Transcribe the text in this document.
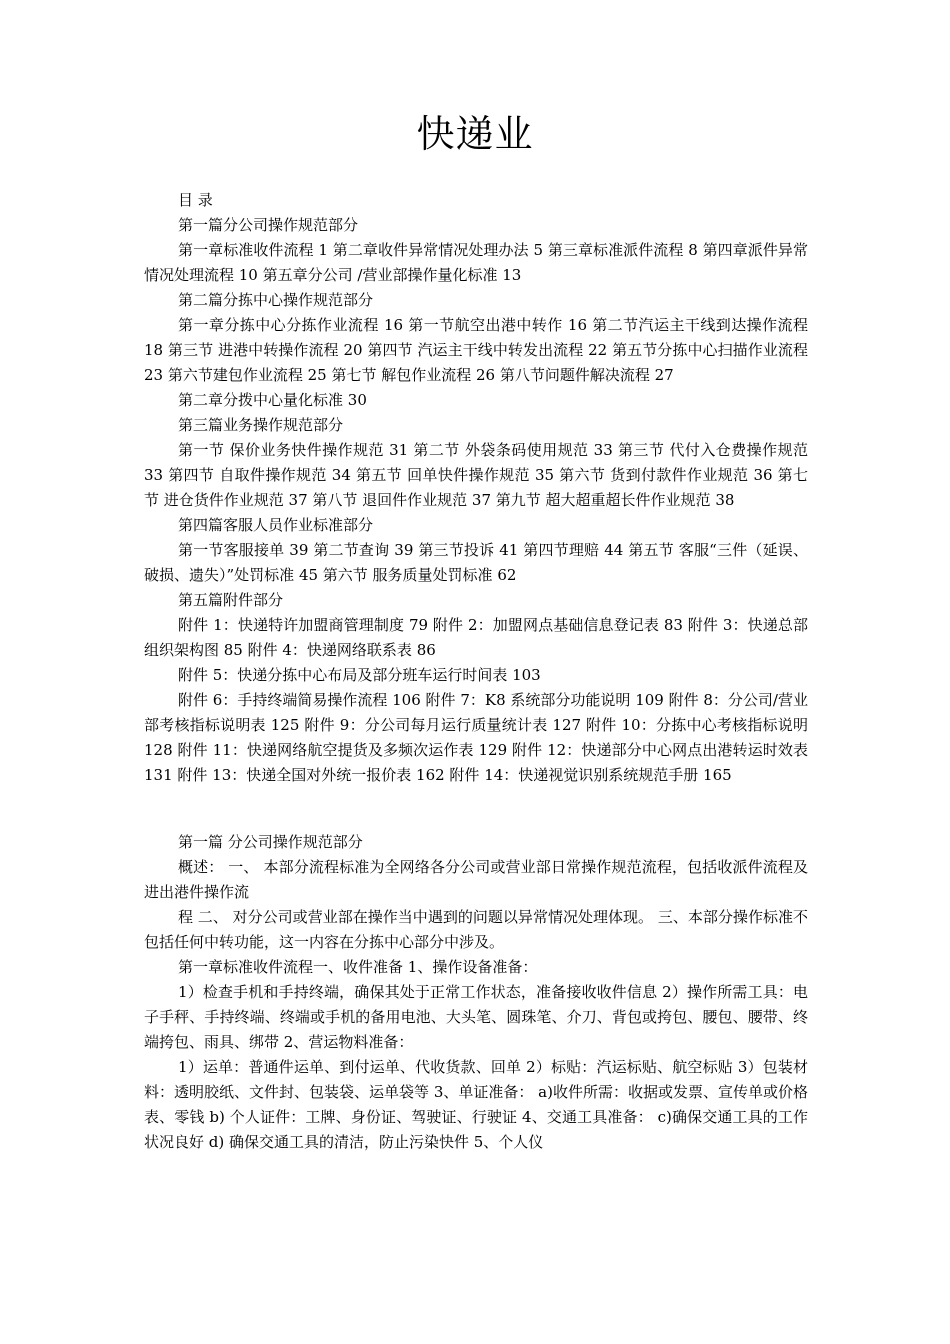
快递业

目 录

第一篇分公司操作规范部分

第一章标准收件流程 1 第二章收件异常情况处理办法 5 第三章标准派件流程 8 第四章派件异常情况处理流程 10 第五章分公司 /营业部操作量化标准 13

第二篇分拣中心操作规范部分

第一章分拣中心分拣作业流程 16 第一节航空出港中转作 16 第二节汽运主干线到达操作流程 18 第三节 进港中转操作流程 20 第四节 汽运主干线中转发出流程 22 第五节分拣中心扫描作业流程 23 第六节建包作业流程 25 第七节 解包作业流程 26 第八节问题件解决流程 27

第二章分拨中心量化标准 30

第三篇业务操作规范部分

第一节 保价业务快件操作规范 31 第二节 外袋条码使用规范 33 第三节 代付入仓费操作规范 33 第四节 自取件操作规范 34 第五节 回单快件操作规范 35 第六节 货到付款件作业规范 36 第七节 进仓货件作业规范 37 第八节 退回件作业规范 37 第九节 超大超重超长件作业规范 38

第四篇客服人员作业标准部分

第一节客服接单 39 第二节查询 39 第三节投诉 41 第四节理赔 44 第五节 客服“三件（延误、破损、遗失）”处罚标准 45 第六节 服务质量处罚标准 62

第五篇附件部分

附件 1：快递特许加盟商管理制度 79 附件 2：加盟网点基础信息登记表 83 附件 3：快递总部组织架构图 85 附件 4：快递网络联系表 86

附件 5：快递分拣中心布局及部分班车运行时间表 103

附件 6：手持终端简易操作流程 106 附件 7：K8 系统部分功能说明 109 附件 8：分公司/营业部考核指标说明表 125 附件 9：分公司每月运行质量统计表 127 附件 10：分拣中心考核指标说明 128 附件 11：快递网络航空提货及多频次运作表 129 附件 12：快递部分中心网点出港转运时效表 131 附件 13：快递全国对外统一报价表 162 附件 14：快递视觉识别系统规范手册 165

第一篇 分公司操作规范部分

概述： 一、 本部分流程标准为全网络各分公司或营业部日常操作规范流程，包括收派件流程及进出港件操作流

程 二、 对分公司或营业部在操作当中遇到的问题以异常情况处理体现。 三、本部分操作标准不包括任何中转功能，这一内容在分拣中心部分中涉及。

第一章标准收件流程一、收件准备 1、操作设备准备：

1）检查手机和手持终端，确保其处于正常工作状态，准备接收收件信息 2）操作所需工具：电子手秤、手持终端、终端或手机的备用电池、大头笔、圆珠笔、介刀、背包或挎包、腰包、腰带、终端挎包、雨具、绑带 2、营运物料准备：

1）运单：普通件运单、到付运单、代收货款、回单 2）标贴：汽运标贴、航空标贴 3）包装材料：透明胶纸、文件封、包装袋、运单袋等 3、单证准备： a)收件所需：收据或发票、宣传单或价格表、零钱 b) 个人证件：工牌、身份证、驾驶证、行驶证 4、交通工具准备： c)确保交通工具的工作状况良好 d) 确保交通工具的清洁，防止污染快件 5、个人仪
